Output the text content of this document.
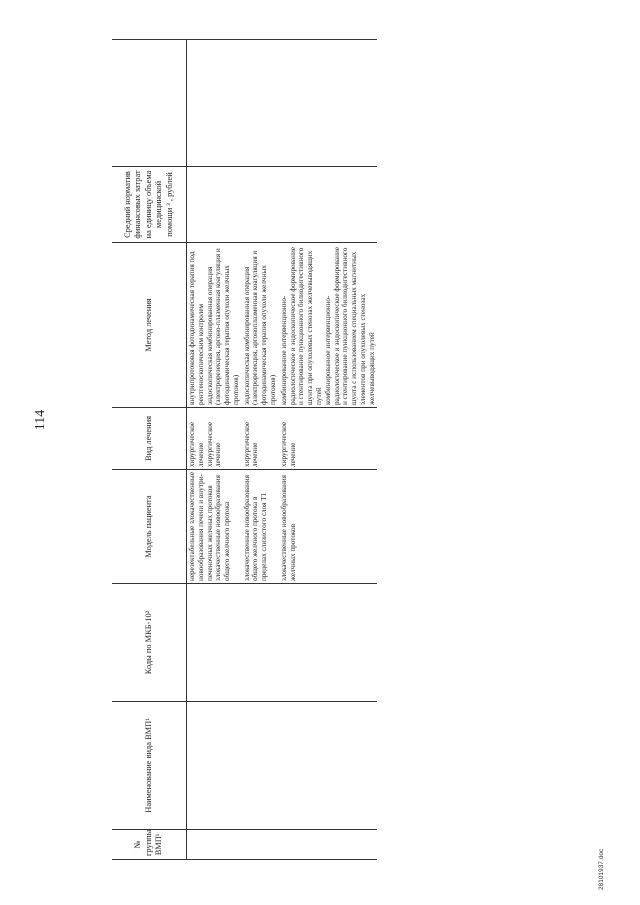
114
№ группы ВМП¹	Наименование вида ВМП¹	Коды по МКБ-10²	Модель пациента	Вид лечения	Метод лечения	Средний норматив финансовых затрат на единицу объема медицинской помощи ³ , рублей	

			нерезектабельные злокачественные новообразования печени и внутри-печеночных желчных протоков злокачественные новообразования общего желчного протока	хирургическое лечение хирургическое лечение	внутрипротоковая фотодинамическая терапия под рентгеноскопическим контролем эндоскопическая комбинированная операция (электрорезекция, аргоно-плазменная коагуляция и фотодинамическая терапия опухоли желчных протоков)		

			злокачественные новообразования общего желчного протока в пределах слизистого слоя T1	хирургическое лечение	эндоскопическая комбинированная операция (электрорезекция, аргоноплазменная коагуляция и фотодинамическая терапия опухоли желчных протоков)		

			злокачественные новообразования желчных протоков	хирургическое лечение	комбинированное интервенционно-радиологическое и эндоскопическое формирование и стентирование пункционного билиодигестивного шунта при опухолевых стенозах желчевыводящих путей комбинированное интервенционно-радиологическое и эндоскопическое формирование и стентирование пункционного билиодигестивного шунта с использованием специальных магнитных элементов при опухолевых стенозах желчевыводящих путей		

28101937.doc
